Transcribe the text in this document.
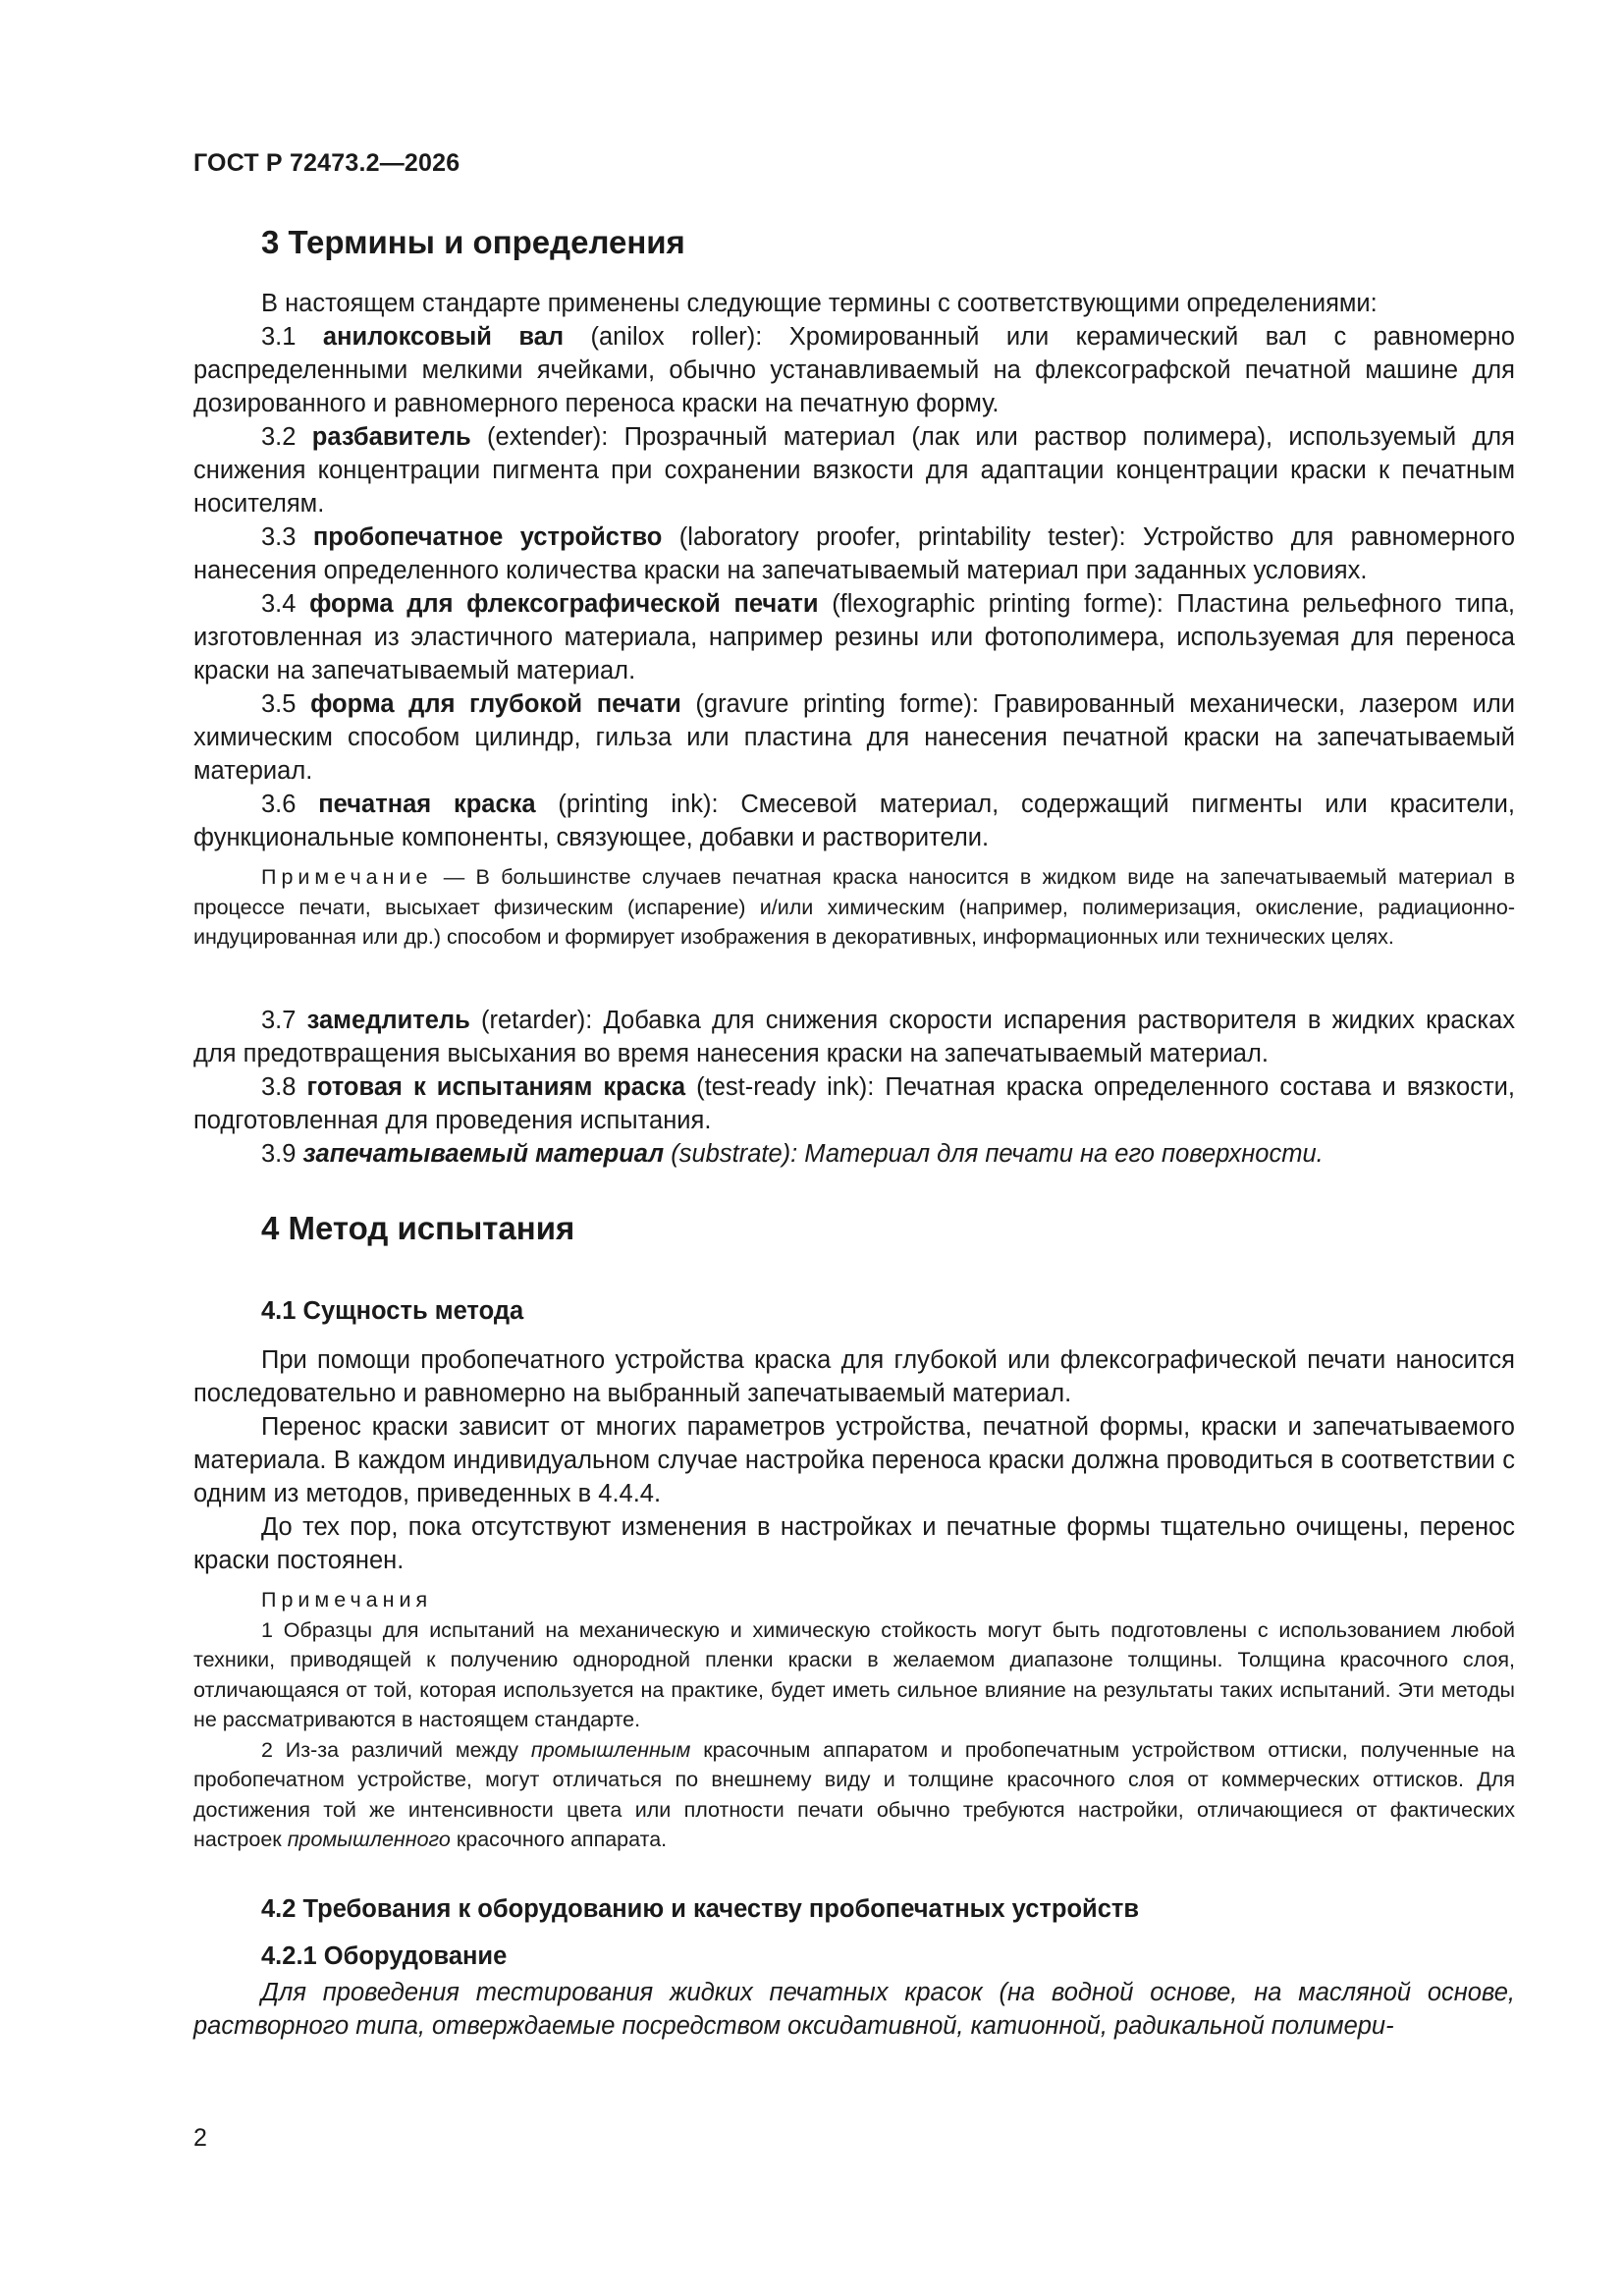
ГОСТ Р 72473.2—2026
3 Термины и определения

В настоящем стандарте применены следующие термины с соответствующими определениями:

3.1 анилоксовый вал (anilox roller): Хромированный или керамический вал с равномерно распределенными мелкими ячейками, обычно устанавливаемый на флексографской печатной машине для дозированного и равномерного переноса краски на печатную форму.

3.2 разбавитель (extender): Прозрачный материал (лак или раствор полимера), используемый для снижения концентрации пигмента при сохранении вязкости для адаптации концентрации краски к печатным носителям.

3.3 пробопечатное устройство (laboratory proofer, printability tester): Устройство для равномерного нанесения определенного количества краски на запечатываемый материал при заданных условиях.

3.4 форма для флексографической печати (flexographic printing forme): Пластина рельефного типа, изготовленная из эластичного материала, например резины или фотополимера, используемая для переноса краски на запечатываемый материал.

3.5 форма для глубокой печати (gravure printing forme): Гравированный механически, лазером или химическим способом цилиндр, гильза или пластина для нанесения печатной краски на запечатываемый материал.

3.6 печатная краска (printing ink): Смесевой материал, содержащий пигменты или красители, функциональные компоненты, связующее, добавки и растворители.

Примечание — В большинстве случаев печатная краска наносится в жидком виде на запечатываемый материал в процессе печати, высыхает физическим (испарение) и/или химическим (например, полимеризация, окисление, радиационно-индуцированная или др.) способом и формирует изображения в декоративных, информационных или технических целях.

3.7 замедлитель (retarder): Добавка для снижения скорости испарения растворителя в жидких красках для предотвращения высыхания во время нанесения краски на запечатываемый материал.

3.8 готовая к испытаниям краска (test-ready ink): Печатная краска определенного состава и вязкости, подготовленная для проведения испытания.

3.9 запечатываемый материал (substrate): Материал для печати на его поверхности.

4 Метод испытания
4.1 Сущность метода

При помощи пробопечатного устройства краска для глубокой или флексографической печати наносится последовательно и равномерно на выбранный запечатываемый материал.

Перенос краски зависит от многих параметров устройства, печатной формы, краски и запечатываемого материала. В каждом индивидуальном случае настройка переноса краски должна проводиться в соответствии с одним из методов, приведенных в 4.4.4.

До тех пор, пока отсутствуют изменения в настройках и печатные формы тщательно очищены, перенос краски постоянен.

Примечания

1 Образцы для испытаний на механическую и химическую стойкость могут быть подготовлены с использованием любой техники, приводящей к получению однородной пленки краски в желаемом диапазоне толщины. Толщина красочного слоя, отличающаяся от той, которая используется на практике, будет иметь сильное влияние на результаты таких испытаний. Эти методы не рассматриваются в настоящем стандарте.

2 Из-за различий между промышленным красочным аппаратом и пробопечатным устройством оттиски, полученные на пробопечатном устройстве, могут отличаться по внешнему виду и толщине красочного слоя от коммерческих оттисков. Для достижения той же интенсивности цвета или плотности печати обычно требуются настройки, отличающиеся от фактических настроек промышленного красочного аппарата.

4.2 Требования к оборудованию и качеству пробопечатных устройств
4.2.1 Оборудование

Для проведения тестирования жидких печатных красок (на водной основе, на масляной основе, растворного типа, отверждаемые посредством оксидативной, катионной, радикальной полимери-

2
